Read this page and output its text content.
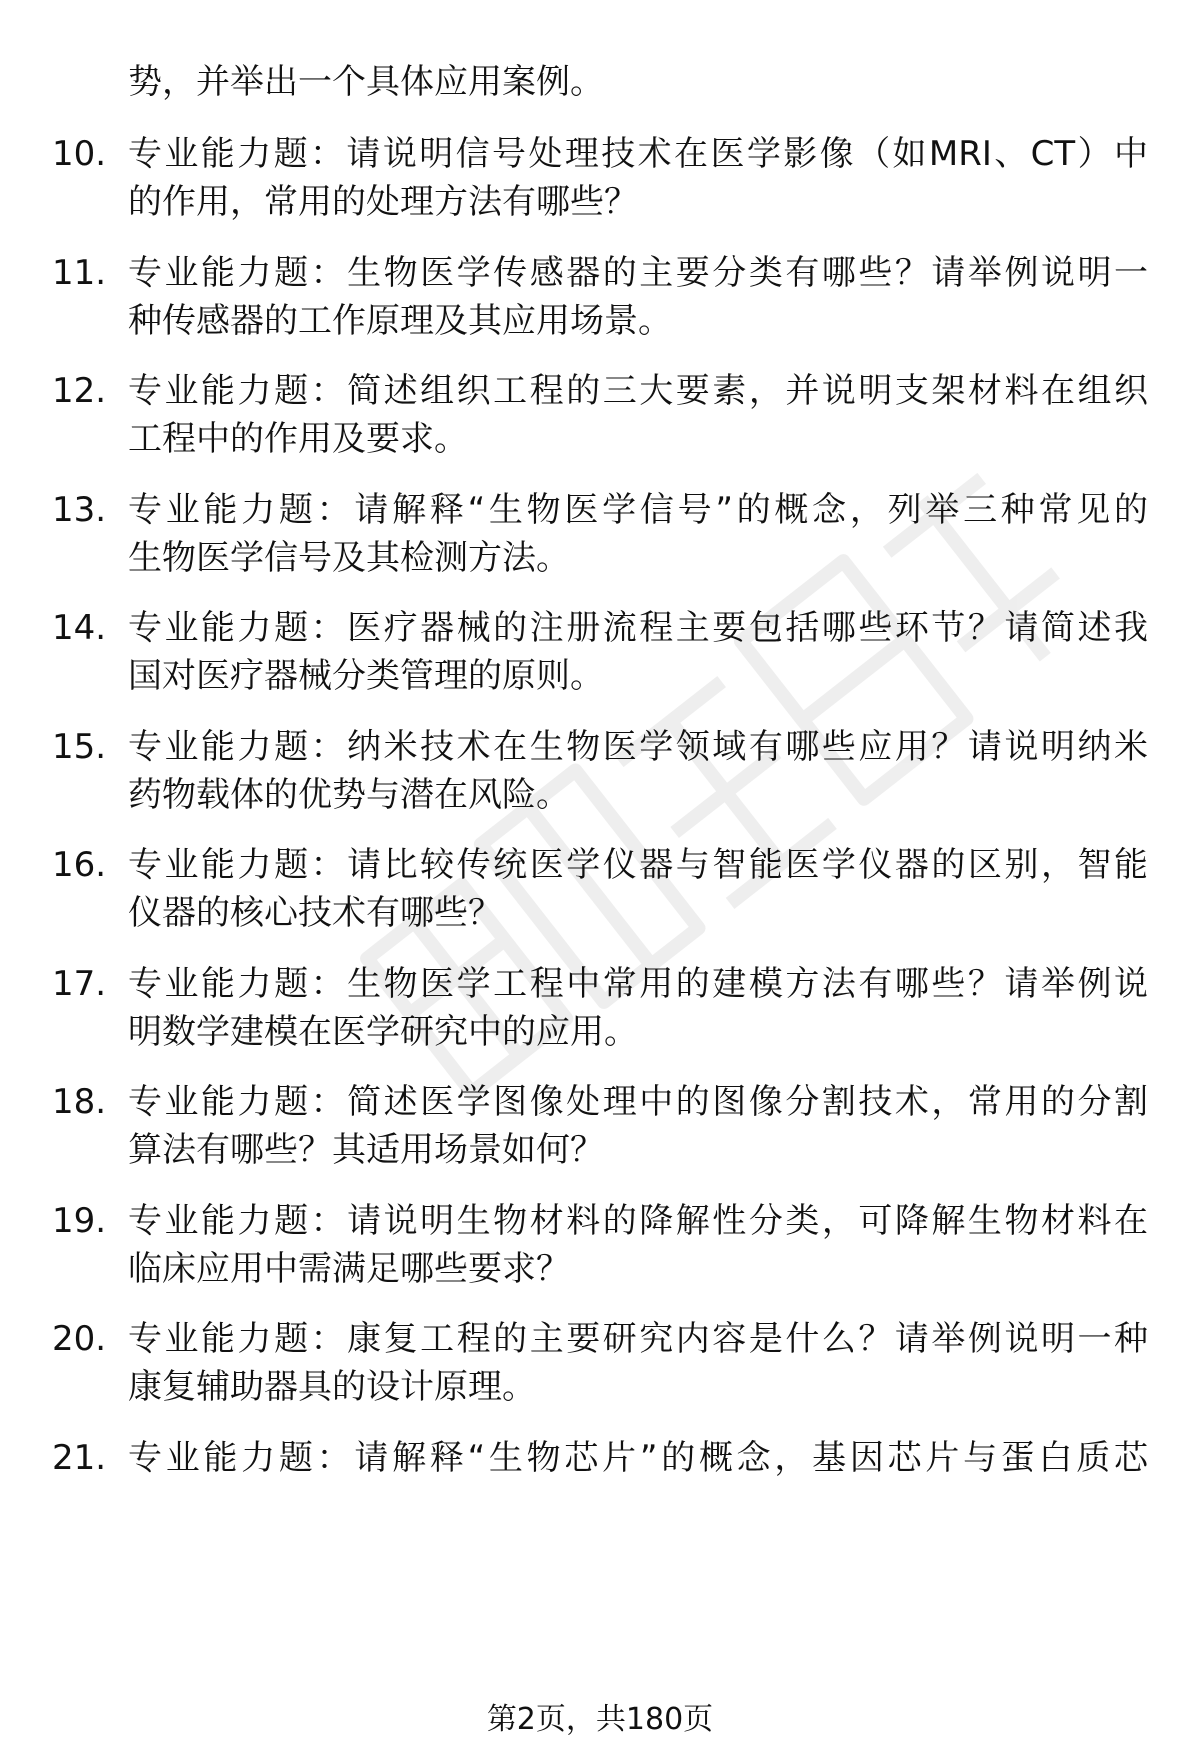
势，并举出一个具体应用案例。
10. 专业能力题：请说明信号处理技术在医学影像（如MRI、CT）中
的作用，常用的处理方法有哪些？
11. 专业能力题：生物医学传感器的主要分类有哪些？请举例说明一
种传感器的工作原理及其应用场景。
12. 专业能力题：简述组织工程的三大要素，并说明支架材料在组织
工程中的作用及要求。
13. 专业能力题：请解释“生物医学信号”的概念，列举三种常见的
生物医学信号及其检测方法。
14. 专业能力题：医疗器械的注册流程主要包括哪些环节？请简述我
国对医疗器械分类管理的原则。
15. 专业能力题：纳米技术在生物医学领域有哪些应用？请说明纳米
药物载体的优势与潜在风险。
16. 专业能力题：请比较传统医学仪器与智能医学仪器的区别，智能
仪器的核心技术有哪些？
17. 专业能力题：生物医学工程中常用的建模方法有哪些？请举例说
明数学建模在医学研究中的应用。
18. 专业能力题：简述医学图像处理中的图像分割技术，常用的分割
算法有哪些？其适用场景如何？
19. 专业能力题：请说明生物材料的降解性分类，可降解生物材料在
临床应用中需满足哪些要求？
20. 专业能力题：康复工程的主要研究内容是什么？请举例说明一种
康复辅助器具的设计原理。
21. 专业能力题：请解释“生物芯片”的概念，基因芯片与蛋白质芯
第2页，共180页
